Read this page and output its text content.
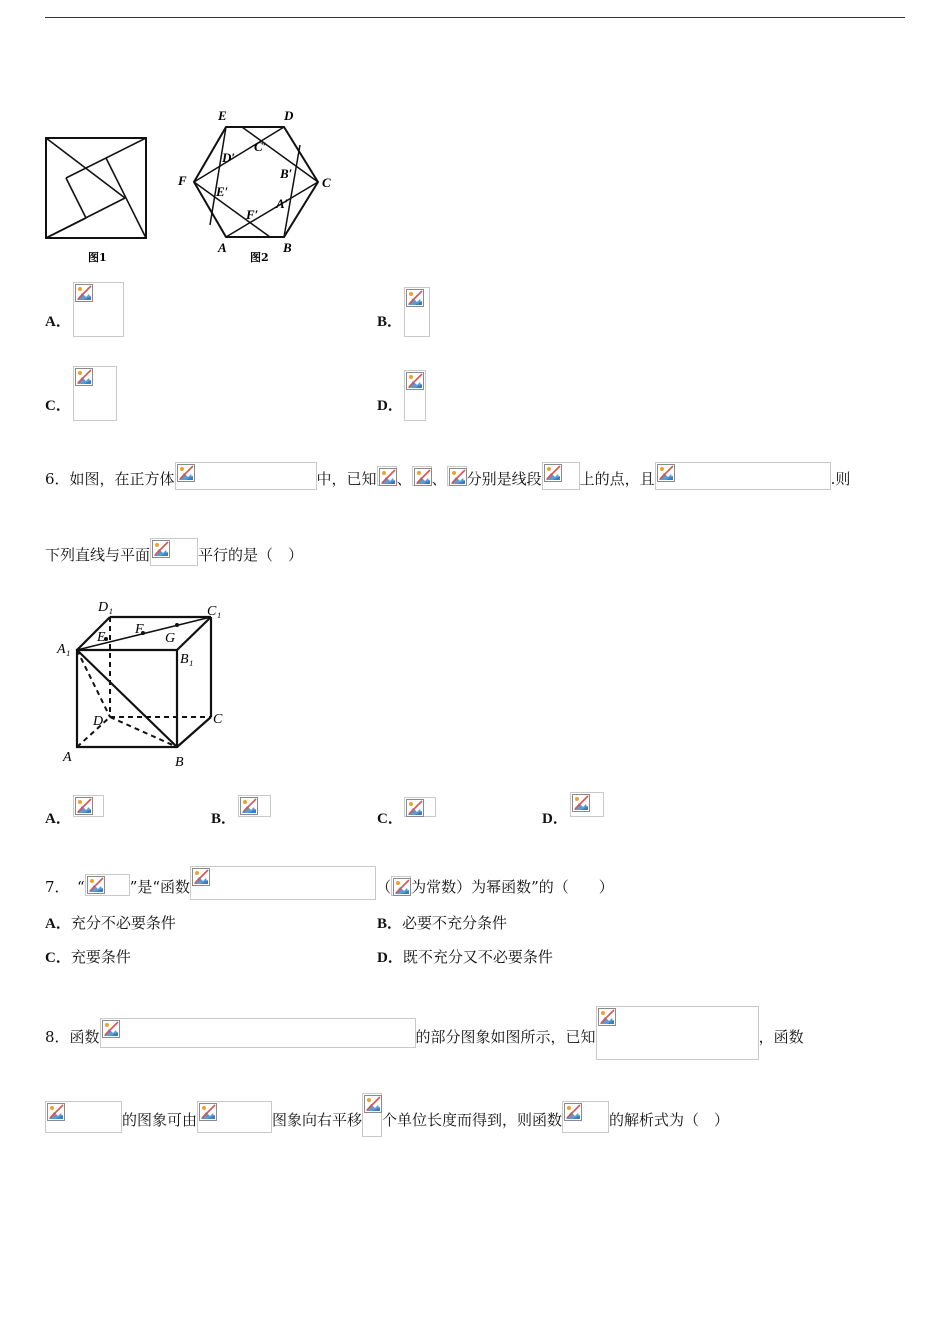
图1
E	D
F	C
A	B
D′
C′
B′
E′
A′
F′
图2
A．	B．
C．	D．
6．如图，在正方体	中，已知 、 、 分别是线段	上的点，且	.则
下列直线与平面	平行的是（　）
D₁	C₁
A₁
E
F
G
B₁
D	C
A	B
A．	B．	C．	D．
7．　“	”是“函数	（ 为常数）为幂函数”的（　　）
A．充分不必要条件	B．必要不充分条件
C．充要条件	D．既不充分又不必要条件
8．函数	的部分图象如图所示，已知	，函数
的图象可由	图象向右平移 个单位长度而得到，则函数	的解析式为（　）
